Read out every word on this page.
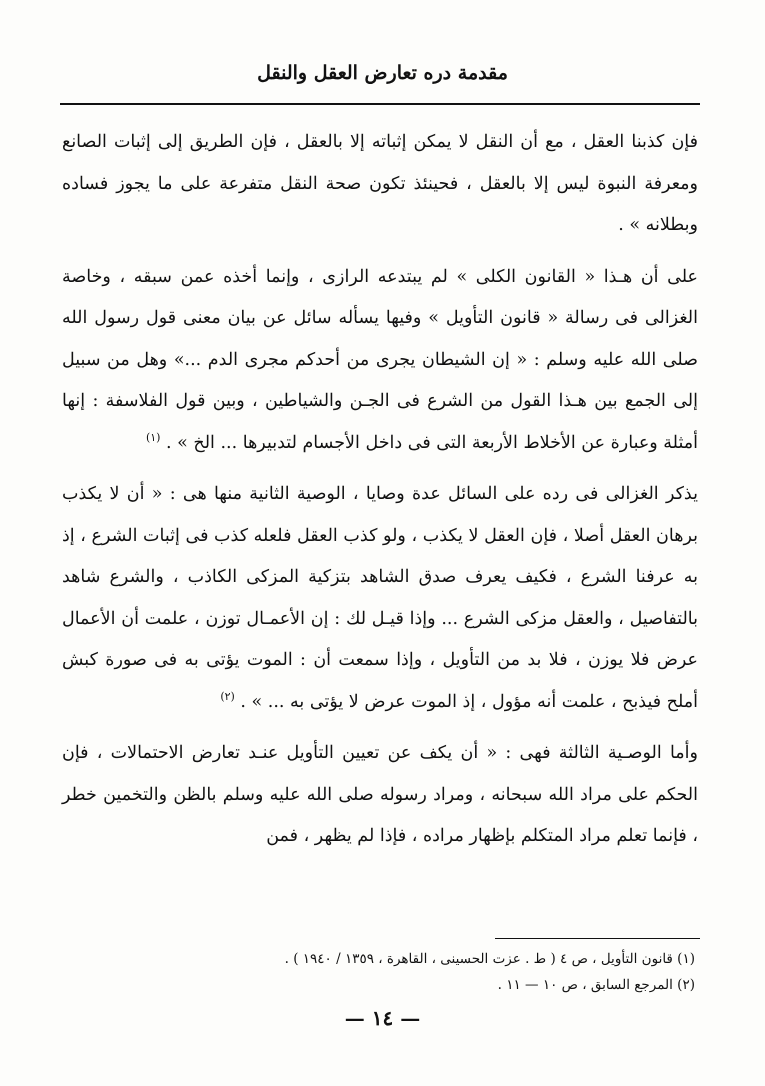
مقدمة دره تعارض العقل والنقل

فإن كذبنا العقل ، مع أن النقل لا يمكن إثباته إلا بالعقل ، فإن الطريق إلى إثبات الصانع ومعرفة النبوة ليس إلا بالعقل ، فحينئذ تكون صحة النقل متفرعة على ما يجوز فساده وبطلانه » .

على أن هـذا « القانون الكلى » لم يبتدعه الرازى ، وإنما أخذه عمن سبقه ، وخاصة الغزالى فى رسالة « قانون التأويل » وفيها يسأله سائل عن بيان معنى قول رسول الله صلى الله عليه وسلم : « إن الشيطان يجرى من أحدكم مجرى الدم ...» وهل من سبيل إلى الجمع بين هـذا القول من الشرع فى الجـن والشياطين ، وبين قول الفلاسفة : إنها أمثلة وعبارة عن الأخلاط الأربعة التى فى داخل الأجسام لتدبيرها ... الخ » . $^{(١)}$

يذكر الغزالى فى رده على السائل عدة وصايا ، الوصية الثانية منها هى : « أن لا يكذب برهان العقل أصلا ، فإن العقل لا يكذب ، ولو كذب العقل فلعله كذب فى إثبات الشرع ، إذ به عرفنا الشرع ، فكيف يعرف صدق الشاهد بتزكية المزكى الكاذب ، والشرع شاهد بالتفاصيل ، والعقل مزكى الشرع ... وإذا قيـل لك : إن الأعمـال توزن ، علمت أن الأعمال عرض فلا يوزن ، فلا بد من التأويل ، وإذا سمعت أن : الموت يؤتى به فى صورة كبش أملح فيذبح ، علمت أنه مؤول ، إذ الموت عرض لا يؤتى به ... » . $^{(٢)}$

وأما الوصـية الثالثة فهى : « أن يكف عن تعيين التأويل عنـد تعارض الاحتمالات ، فإن الحكم على مراد الله سبحانه ، ومراد رسوله صلى الله عليه وسلم بالظن والتخمين خطر ، فإنما تعلم مراد المتكلم بإظهار مراده ، فإذا لم يظهر ، فمن

(١) قانون التأويل ، ص ٤ ( ط . عزت الحسينى ، القاهرة ، ١٣٥٩ / ١٩٤٠ ) .
(٢) المرجع السابق ، ص ١٠ — ١١ .
— ١٤ —
